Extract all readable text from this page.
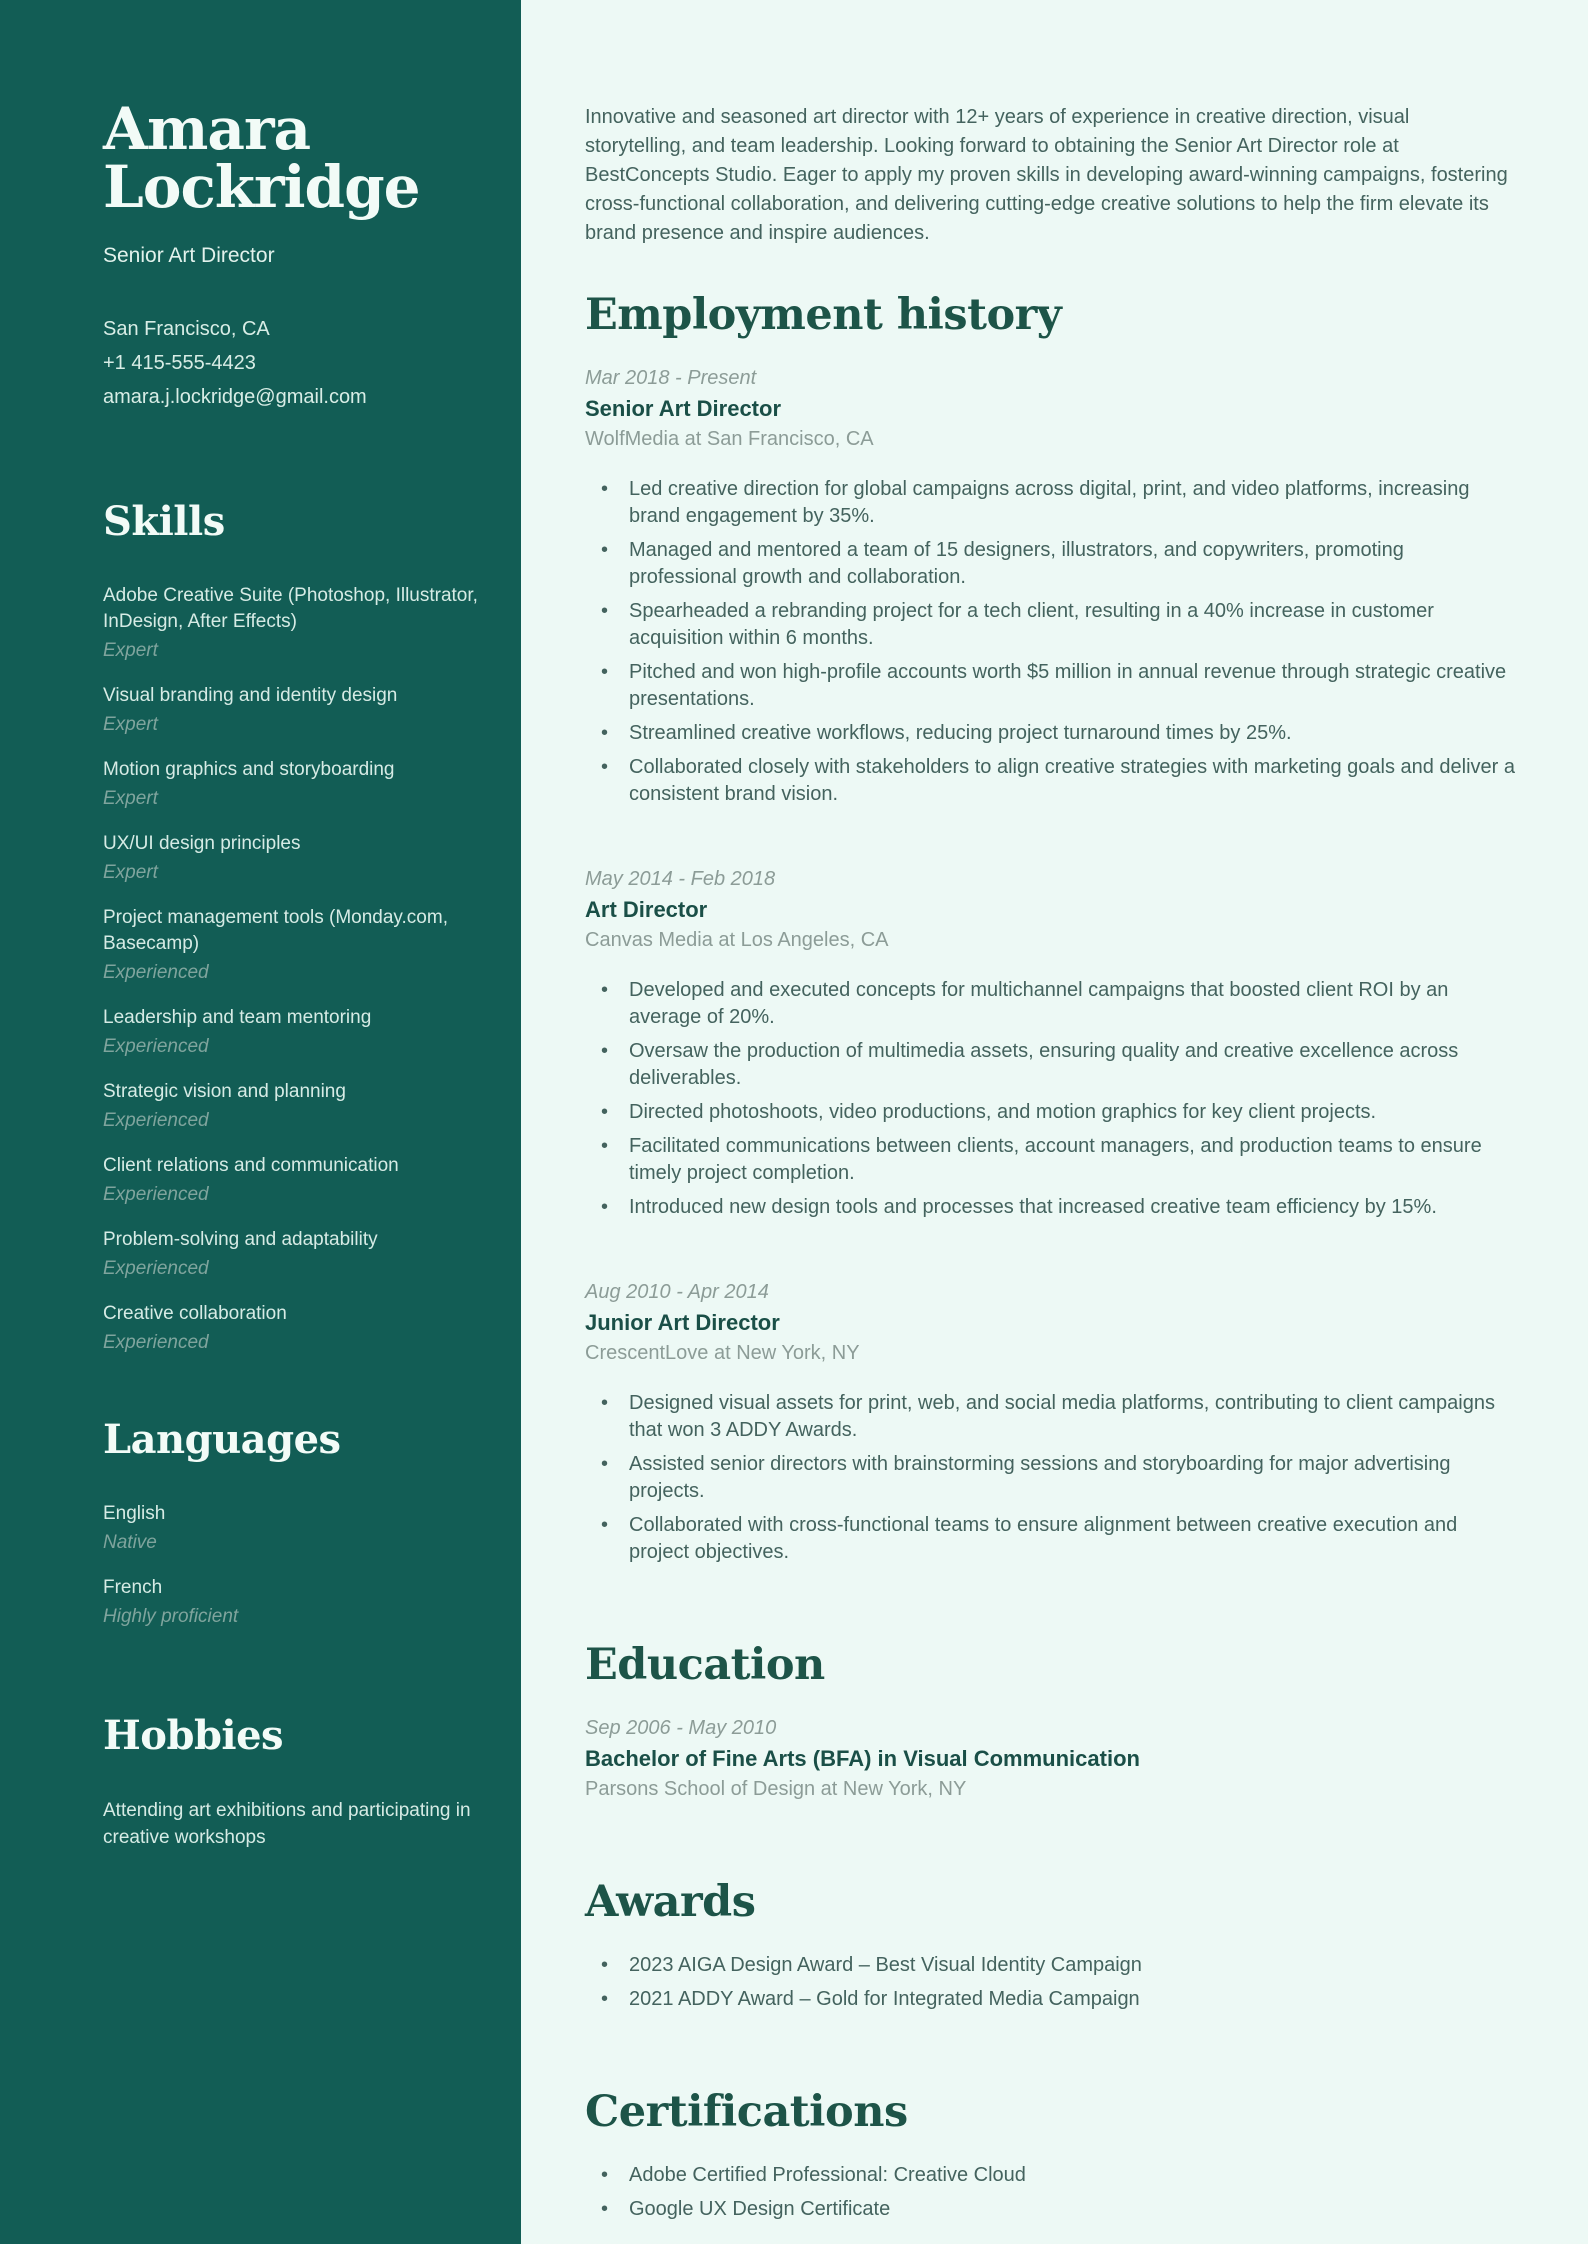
Amara
Lockridge
Senior Art Director
San Francisco, CA
+1 415-555-4423
amara.j.lockridge@gmail.com
Skills
Adobe Creative Suite (Photoshop, Illustrator, InDesign, After Effects)
Expert
Visual branding and identity design
Expert
Motion graphics and storyboarding
Expert
UX/UI design principles
Expert
Project management tools (Monday.com, Basecamp)
Experienced
Leadership and team mentoring
Experienced
Strategic vision and planning
Experienced
Client relations and communication
Experienced
Problem-solving and adaptability
Experienced
Creative collaboration
Experienced
Languages
English
Native
French
Highly proficient
Hobbies
Attending art exhibitions and participating in creative workshops

Innovative and seasoned art director with 12+ years of experience in creative direction, visual storytelling, and team leadership. Looking forward to obtaining the Senior Art Director role at BestConcepts Studio. Eager to apply my proven skills in developing award-winning campaigns, fostering cross-functional collaboration, and delivering cutting-edge creative solutions to help the firm elevate its brand presence and inspire audiences.

Employment history
Mar 2018 - Present
Senior Art Director
WolfMedia at San Francisco, CA
• Led creative direction for global campaigns across digital, print, and video platforms, increasing brand engagement by 35%.
• Managed and mentored a team of 15 designers, illustrators, and copywriters, promoting professional growth and collaboration.
• Spearheaded a rebranding project for a tech client, resulting in a 40% increase in customer acquisition within 6 months.
• Pitched and won high-profile accounts worth $5 million in annual revenue through strategic creative presentations.
• Streamlined creative workflows, reducing project turnaround times by 25%.
• Collaborated closely with stakeholders to align creative strategies with marketing goals and deliver a consistent brand vision.
May 2014 - Feb 2018
Art Director
Canvas Media at Los Angeles, CA
• Developed and executed concepts for multichannel campaigns that boosted client ROI by an average of 20%.
• Oversaw the production of multimedia assets, ensuring quality and creative excellence across deliverables.
• Directed photoshoots, video productions, and motion graphics for key client projects.
• Facilitated communications between clients, account managers, and production teams to ensure timely project completion.
• Introduced new design tools and processes that increased creative team efficiency by 15%.
Aug 2010 - Apr 2014
Junior Art Director
CrescentLove at New York, NY
• Designed visual assets for print, web, and social media platforms, contributing to client campaigns that won 3 ADDY Awards.
• Assisted senior directors with brainstorming sessions and storyboarding for major advertising projects.
• Collaborated with cross-functional teams to ensure alignment between creative execution and project objectives.
Education
Sep 2006 - May 2010
Bachelor of Fine Arts (BFA) in Visual Communication
Parsons School of Design at New York, NY
Awards
• 2023 AIGA Design Award – Best Visual Identity Campaign
• 2021 ADDY Award – Gold for Integrated Media Campaign
Certifications
• Adobe Certified Professional: Creative Cloud
• Google UX Design Certificate
